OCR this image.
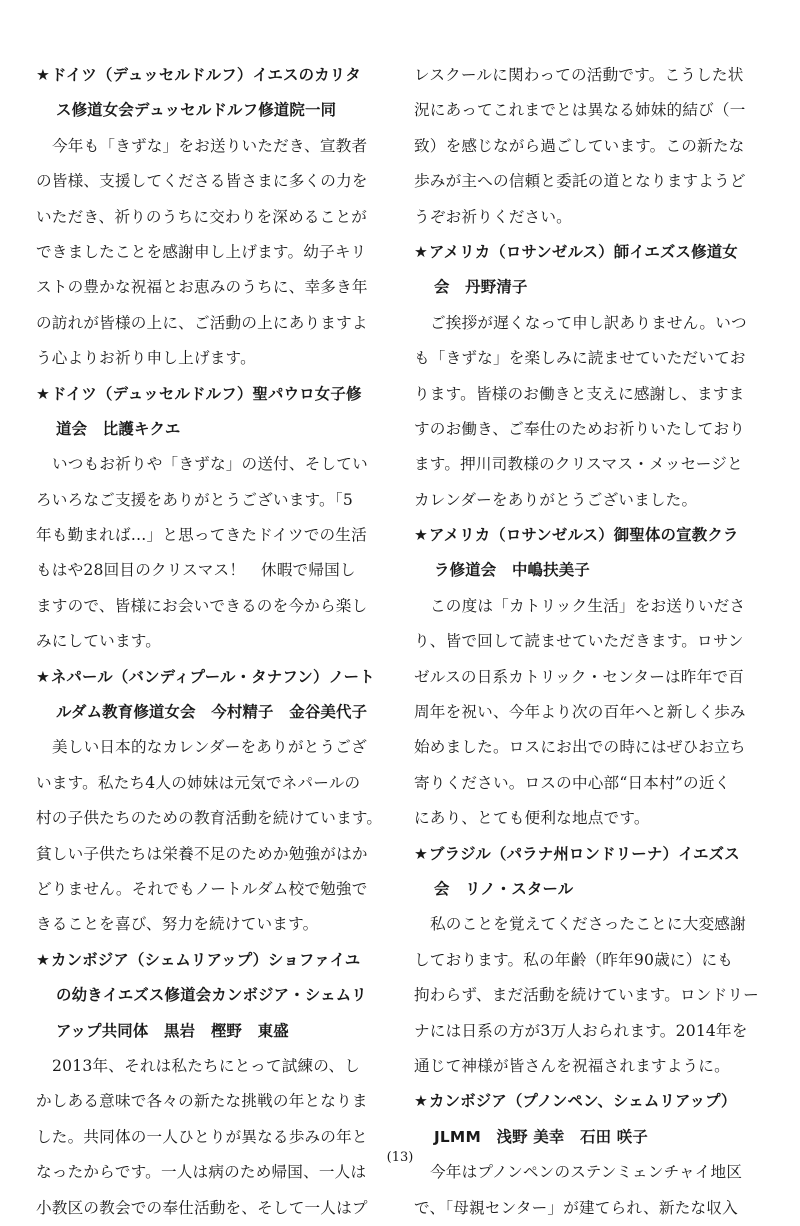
★ドイツ（デュッセルドルフ）イエスのカリタ
ス修道女会デュッセルドルフ修道院一同
今年も「きずな」をお送りいただき、宣教者
の皆様、支援してくださる皆さまに多くの力を
いただき、祈りのうちに交わりを深めることが
できましたことを感謝申し上げます。幼子キリ
ストの豊かな祝福とお恵みのうちに、幸多き年
の訪れが皆様の上に、ご活動の上にありますよ
う心よりお祈り申し上げます。
★ドイツ（デュッセルドルフ）聖パウロ女子修
道会　比護キクエ
いつもお祈りや「きずな」の送付、そしてい
ろいろなご支援をありがとうございます。「5
年も勤まれば…」と思ってきたドイツでの生活
もはや28回目のクリスマス！　休暇で帰国し
ますので、皆様にお会いできるのを今から楽し
みにしています。
★ネパール（バンディプール・タナフン）ノート
ルダム教育修道女会　今村精子　金谷美代子
美しい日本的なカレンダーをありがとうござ
います。私たち4人の姉妹は元気でネパールの
村の子供たちのための教育活動を続けています。
貧しい子供たちは栄養不足のためか勉強がはか
どりません。それでもノートルダム校で勉強で
きることを喜び、努力を続けています。
★カンボジア（シェムリアップ）ショファイユ
の幼きイエズス修道会カンボジア・シェムリ
アップ共同体　黒岩　樫野　東盛
2013年、それは私たちにとって試練の、し
かしある意味で各々の新たな挑戦の年となりま
した。共同体の一人ひとりが異なる歩みの年と
なったからです。一人は病のため帰国、一人は
小教区の教会での奉仕活動を、そして一人はプ
レスクールに関わっての活動です。こうした状
況にあってこれまでとは異なる姉妹的結び（一
致）を感じながら過ごしています。この新たな
歩みが主への信頼と委託の道となりますようど
うぞお祈りください。
★アメリカ（ロサンゼルス）師イエズス修道女
会　丹野清子
ご挨拶が遅くなって申し訳ありません。いつ
も「きずな」を楽しみに読ませていただいてお
ります。皆様のお働きと支えに感謝し、ますま
すのお働き、ご奉仕のためお祈りいたしており
ます。押川司教様のクリスマス・メッセージと
カレンダーをありがとうございました。
★アメリカ（ロサンゼルス）御聖体の宣教クラ
ラ修道会　中嶋扶美子
この度は「カトリック生活」をお送りいださ
り、皆で回して読ませていただきます。ロサン
ゼルスの日系カトリック・センターは昨年で百
周年を祝い、今年より次の百年へと新しく歩み
始めました。ロスにお出での時にはぜひお立ち
寄りください。ロスの中心部“日本村”の近く
にあり、とても便利な地点です。
★ブラジル（パラナ州ロンドリーナ）イエズス
会　リノ・スタール
私のことを覚えてくださったことに大変感謝
しております。私の年齢（昨年90歳に）にも
拘わらず、まだ活動を続けています。ロンドリー
ナには日系の方が3万人おられます。2014年を
通じて神様が皆さんを祝福されますように。
★カンボジア（プノンペン、シェムリアップ）
JLMM　浅野 美幸　石田 咲子
今年はプノンペンのステンミェンチャイ地区
で、「母親センター」が建てられ、新たな収入
(13)
